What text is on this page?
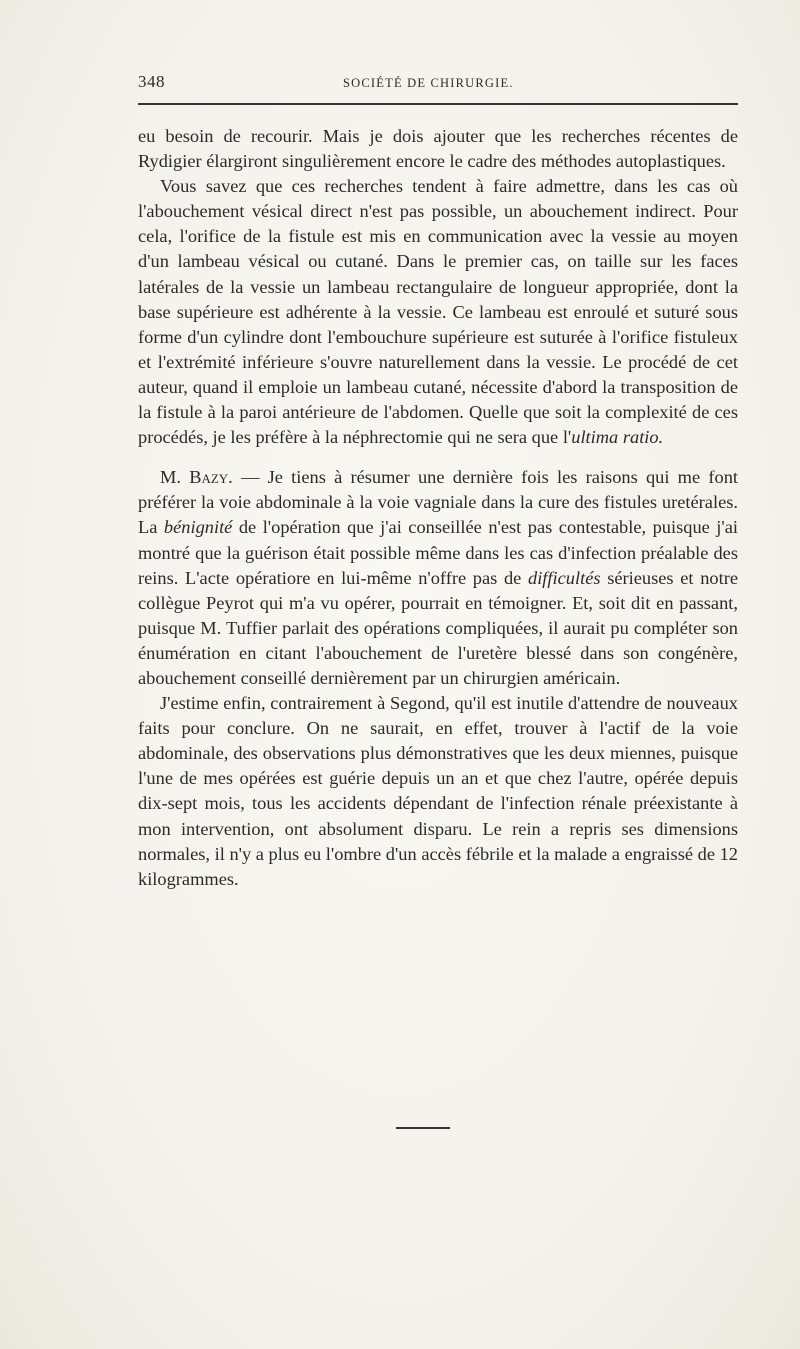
348	SOCIÉTÉ DE CHIRURGIE.

eu besoin de recourir. Mais je dois ajouter que les recherches récentes de Rydigier élargiront singulièrement encore le cadre des méthodes autoplastiques.

Vous savez que ces recherches tendent à faire admettre, dans les cas où l'abouchement vésical direct n'est pas possible, un abouchement indirect. Pour cela, l'orifice de la fistule est mis en communication avec la vessie au moyen d'un lambeau vésical ou cutané. Dans le premier cas, on taille sur les faces latérales de la vessie un lambeau rectangulaire de longueur appropriée, dont la base supérieure est adhérente à la vessie. Ce lambeau est enroulé et suturé sous forme d'un cylindre dont l'embouchure supérieure est suturée à l'orifice fistuleux et l'extrémité inférieure s'ouvre naturellement dans la vessie. Le procédé de cet auteur, quand il emploie un lambeau cutané, nécessite d'abord la transposition de la fistule à la paroi antérieure de l'abdomen. Quelle que soit la complexité de ces procédés, je les préfère à la néphrectomie qui ne sera que l'ultima ratio.

M. Bazy. — Je tiens à résumer une dernière fois les raisons qui me font préférer la voie abdominale à la voie vagniale dans la cure des fistules uretérales. La bénignité de l'opération que j'ai conseillée n'est pas contestable, puisque j'ai montré que la guérison était possible même dans les cas d'infection préalable des reins. L'acte opératiore en lui-même n'offre pas de difficultés sérieuses et notre collègue Peyrot qui m'a vu opérer, pourrait en témoigner. Et, soit dit en passant, puisque M. Tuffier parlait des opérations compliquées, il aurait pu compléter son énumération en citant l'abouchement de l'uretère blessé dans son congénère, abouchement conseillé dernièrement par un chirurgien américain.

J'estime enfin, contrairement à Segond, qu'il est inutile d'attendre de nouveaux faits pour conclure. On ne saurait, en effet, trouver à l'actif de la voie abdominale, des observations plus démonstratives que les deux miennes, puisque l'une de mes opérées est guérie depuis un an et que chez l'autre, opérée depuis dix-sept mois, tous les accidents dépendant de l'infection rénale préexistante à mon intervention, ont absolument disparu. Le rein a repris ses dimensions normales, il n'y a plus eu l'ombre d'un accès fébrile et la malade a engraissé de 12 kilogrammes.
